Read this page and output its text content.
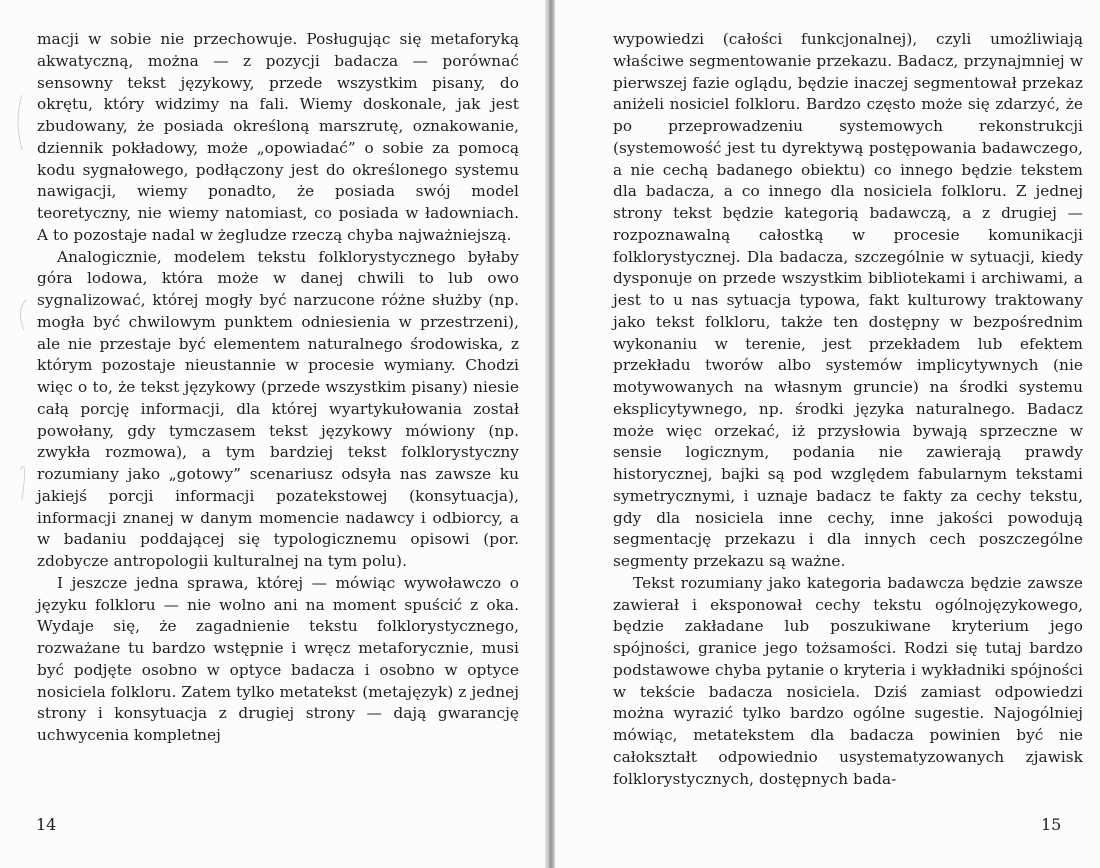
macji w sobie nie przechowuje. Posługując się metaforyką akwatyczną, można — z pozycji badacza — porównać sensowny tekst językowy, przede wszystkim pisany, do okrętu, który widzimy na fali. Wiemy doskonale, jak jest zbudowany, że posiada określoną marszrutę, oznakowanie, dziennik pokładowy, może „opowiadać” o sobie za pomocą kodu sygnałowego, podłączony jest do określonego systemu nawigacji, wiemy ponadto, że posiada swój model teoretyczny, nie wiemy natomiast, co posiada w ładowniach. A to pozostaje nadal w żegludze rzeczą chyba najważniejszą.

Analogicznie, modelem tekstu folklorystycznego byłaby góra lodowa, która może w danej chwili to lub owo sygnalizować, której mogły być narzucone różne służby (np. mogła być chwilowym punktem odniesienia w przestrzeni), ale nie przestaje być elementem naturalnego środowiska, z którym pozostaje nieustannie w procesie wymiany. Chodzi więc o to, że tekst językowy (przede wszystkim pisany) niesie całą porcję informacji, dla której wyartykułowania został powołany, gdy tymczasem tekst językowy mówiony (np. zwykła rozmowa), a tym bardziej tekst folklorystyczny rozumiany jako „gotowy” scenariusz odsyła nas zawsze ku jakiejś porcji informacji pozatekstowej (konsytuacja), informacji znanej w danym momencie nadawcy i odbiorcy, a w badaniu poddającej się typologicznemu opisowi (por. zdobycze antropologii kulturalnej na tym polu).

I jeszcze jedna sprawa, której — mówiąc wywoławczo o języku folkloru — nie wolno ani na moment spuścić z oka. Wydaje się, że zagadnienie tekstu folklorystycznego, rozważane tu bardzo wstępnie i wręcz metaforycznie, musi być podjęte osobno w optyce badacza i osobno w optyce nosiciela folkloru. Zatem tylko metatekst (metajęzyk) z jednej strony i konsytuacja z drugiej strony — dają gwarancję uchwycenia kompletnej

14

wypowiedzi (całości funkcjonalnej), czyli umożliwiają właściwe segmentowanie przekazu. Badacz, przynajmniej w pierwszej fazie oglądu, będzie inaczej segmentował przekaz aniżeli nosiciel folkloru. Bardzo często może się zdarzyć, że po przeprowadzeniu systemowych rekonstrukcji (systemowość jest tu dyrektywą postępowania badawczego, a nie cechą badanego obiektu) co innego będzie tekstem dla badacza, a co innego dla nosiciela folkloru. Z jednej strony tekst będzie kategorią badawczą, a z drugiej — rozpoznawalną całostką w procesie komunikacji folklorystycznej. Dla badacza, szczególnie w sytuacji, kiedy dysponuje on przede wszystkim bibliotekami i archiwami, a jest to u nas sytuacja typowa, fakt kulturowy traktowany jako tekst folkloru, także ten dostępny w bezpośrednim wykonaniu w terenie, jest przekładem lub efektem przekładu tworów albo systemów implicytywnych (nie motywowanych na własnym gruncie) na środki systemu eksplicytywnego, np. środki języka naturalnego. Badacz może więc orzekać, iż przysłowia bywają sprzeczne w sensie logicznym, podania nie zawierają prawdy historycznej, bajki są pod względem fabularnym tekstami symetrycznymi, i uznaje badacz te fakty za cechy tekstu, gdy dla nosiciela inne cechy, inne jakości powodują segmentację przekazu i dla innych cech poszczególne segmenty przekazu są ważne.

Tekst rozumiany jako kategoria badawcza będzie zawsze zawierał i eksponował cechy tekstu ogólnojęzykowego, będzie zakładane lub poszukiwane kryterium jego spójności, granice jego tożsamości. Rodzi się tutaj bardzo podstawowe chyba pytanie o kryteria i wykładniki spójności w tekście badacza nosiciela. Dziś zamiast odpowiedzi można wyrazić tylko bardzo ogólne sugestie. Najogólniej mówiąc, metatekstem dla badacza powinien być nie całokształt odpowiednio usystematyzowanych zjawisk folklorystycznych, dostępnych bada-

15
